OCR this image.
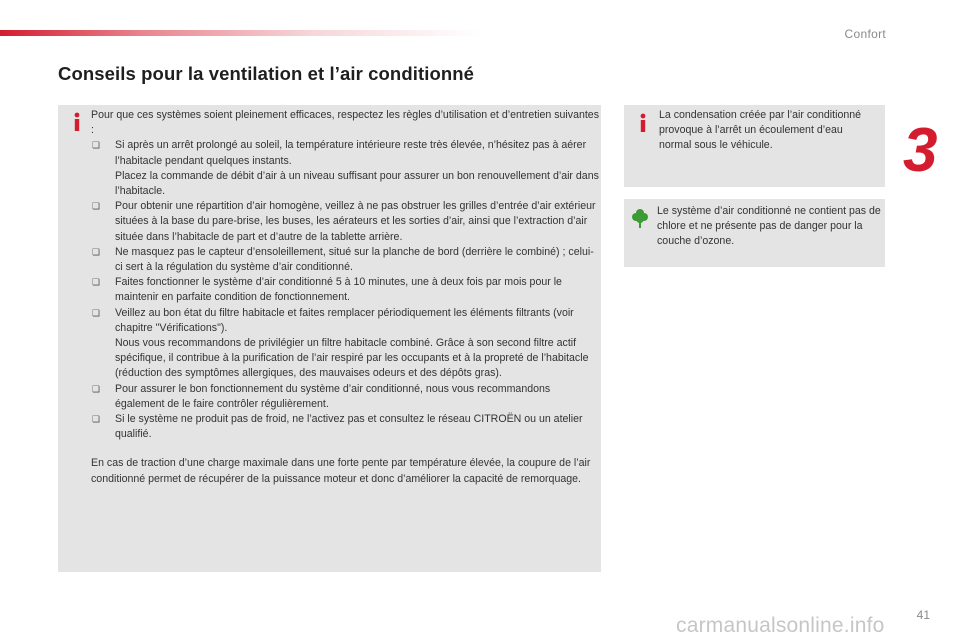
Confort
3
Conseils pour la ventilation et l’air conditionné

Pour que ces systèmes soient pleinement efficaces, respectez les règles d’utilisation et d’entretien suivantes :

❏ Si après un arrêt prolongé au soleil, la température intérieure reste très élevée, n’hésitez pas à aérer l’habitacle pendant quelques instants.
Placez la commande de débit d’air à un niveau suffisant pour assurer un bon renouvellement d’air dans l’habitacle.
❏ Pour obtenir une répartition d’air homogène, veillez à ne pas obstruer les grilles d’entrée d’air extérieur situées à la base du pare-brise, les buses, les aérateurs et les sorties d’air, ainsi que l’extraction d’air située dans l’habitacle de part et d’autre de la tablette arrière.
❏ Ne masquez pas le capteur d’ensoleillement, situé sur la planche de bord (derrière le combiné) ; celui-ci sert à la régulation du système d’air conditionné.
❏ Faites fonctionner le système d’air conditionné 5 à 10 minutes, une à deux fois par mois pour le maintenir en parfaite condition de fonctionnement.
❏ Veillez au bon état du filtre habitacle et faites remplacer périodiquement les éléments filtrants (voir chapitre "Vérifications").
Nous vous recommandons de privilégier un filtre habitacle combiné. Grâce à son second filtre actif spécifique, il contribue à la purification de l’air respiré par les occupants et à la propreté de l’habitacle (réduction des symptômes allergiques, des mauvaises odeurs et des dépôts gras).
❏ Pour assurer le bon fonctionnement du système d’air conditionné, nous vous recommandons également de le faire contrôler régulièrement.
❏ Si le système ne produit pas de froid, ne l’activez pas et consultez le réseau CITROËN ou un atelier qualifié.

En cas de traction d’une charge maximale dans une forte pente par température élevée, la coupure de l’air conditionné permet de récupérer de la puissance moteur et donc d’améliorer la capacité de remorquage.

La condensation créée par l’air conditionné provoque à l’arrêt un écoulement d’eau normal sous le véhicule.
Le système d’air conditionné ne contient pas de chlore et ne présente pas de danger pour la couche d’ozone.
41
carmanualsonline.info
